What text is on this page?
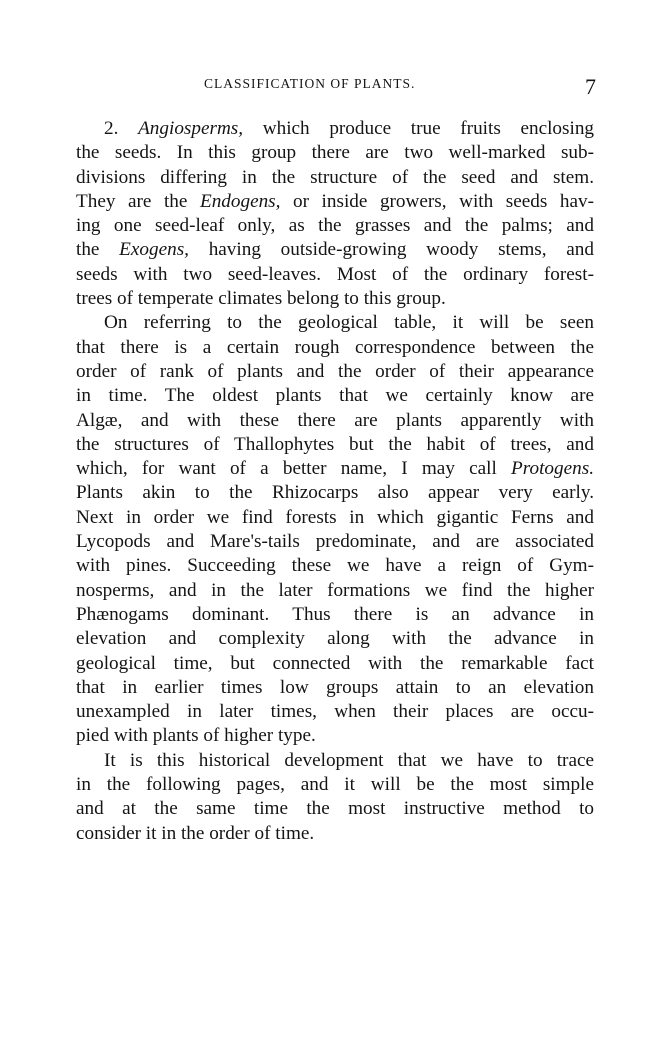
CLASSIFICATION OF PLANTS.	7
2. Angiosperms, which produce true fruits enclosing
the seeds. In this group there are two well-marked sub-
divisions differing in the structure of the seed and stem.
They are the Endogens, or inside growers, with seeds hav-
ing one seed-leaf only, as the grasses and the palms; and
the Exogens, having outside-growing woody stems, and
seeds with two seed-leaves. Most of the ordinary forest-
trees of temperate climates belong to this group.
On referring to the geological table, it will be seen
that there is a certain rough correspondence between the
order of rank of plants and the order of their appearance
in time. The oldest plants that we certainly know are
Algæ, and with these there are plants apparently with
the structures of Thallophytes but the habit of trees, and
which, for want of a better name, I may call Protogens.
Plants akin to the Rhizocarps also appear very early.
Next in order we find forests in which gigantic Ferns and
Lycopods and Mare's-tails predominate, and are associated
with pines. Succeeding these we have a reign of Gym-
nosperms, and in the later formations we find the higher
Phænogams dominant. Thus there is an advance in
elevation and complexity along with the advance in
geological time, but connected with the remarkable fact
that in earlier times low groups attain to an elevation
unexampled in later times, when their places are occu-
pied with plants of higher type.
It is this historical development that we have to trace
in the following pages, and it will be the most simple
and at the same time the most instructive method to
consider it in the order of time.
